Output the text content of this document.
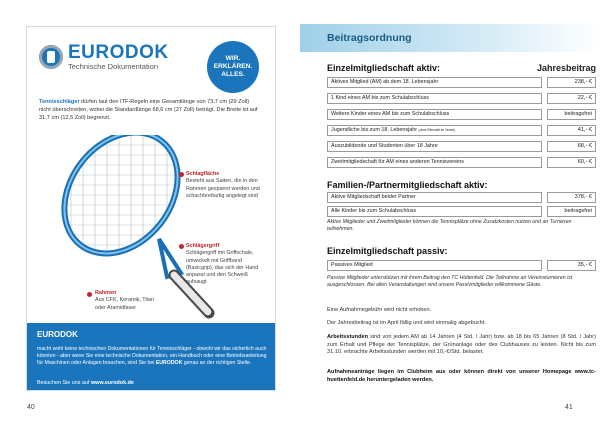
EURODOK
Technische Dokumentation
WIR.
ERKLÄREN.
ALLES.

Tennisschläger dürfen laut den ITF-Regeln eine Gesamtlänge von 73,7 cm (29 Zoll) nicht überschreiten, wobei die Standardlänge 68,6 cm (27 Zoll) beträgt. Die Breite ist auf 31,7 cm (12,5 Zoll) begrenzt.

Schlagfläche
Besteht aus Saiten, die in den Rahmen gespannt werden und schachbrettartig angelegt sind
Schlägergriff
Schlägergriff mit Griffschale, umwickelt mit Griffband (Basicgrip), das sich der Hand anpasst und den Schweiß aufsaugt
Rahmen
Aus CFK, Keramik, Titan oder Aramidfaser
EURODOK

macht wohl keine technischen Dokumentationen für Tennisschläger - obwohl wir das sicherlich auch könnten - aber wenn Sie eine technische Dokumentation, ein Handbuch oder eine Betriebsanleitung für Maschinen oder Anlagen brauchen, sind Sie bei EURODOK genau an der richtigen Stelle.

Besuchen Sie uns auf www.eurodok.de

40
Beitragsordnung
Einzelmitgliedschaft aktiv:	Jahresbeitrag
Aktives Mitglied (AM) ab dem 18. Lebensjahr	238,- €
1 Kind eines AM bis zum Schulabschluss	22,- €
Weitere Kinder eines AM bis zum Schulabschluss	beitragsfrei
Jugendliche bis zum 18. Lebensjahr (ohne Elternteil im Verein)	41,- €
Auszubildende und Studenten über 18 Jahre	68,- €
Zweitmitgliedschaft für AM eines anderen Tennisvereins	60,- €
Familien-/Partnermitgliedschaft aktiv:
Aktive Mitgliedschaft beider Partner	378,- €
Alle Kinder bis zum Schulabschluss	beitragsfrei

Aktive Mitglieder und Zweitmitglieder können die Tennisplätze ohne Zusatzkosten nutzen und an Turnieren teilnehmen.

Einzelmitgliedschaft passiv:
Passives Mitglied	35,- €

Passive Mitglieder unterstützen mit ihrem Beitrag den TC Hüttenfeld. Die Teilnahme an Vereinsturnieren ist ausgeschlossen. Bei allen Veranstaltungen sind unsere Passivmitglieder willkommene Gäste.

Eine Aufnahmegebühr wird nicht erhoben.

Der Jahresbeitrag ist im April fällig und wird einmalig abgebucht.

Arbeitsstunden sind von jedem AM ab 14 Jahren (4 Std. / Jahr) bzw. ab 18 bis 65 Jahren (8 Std. / Jahr) zum Erhalt und Pflege der Tennisplätze, der Grünanlage oder des Clubhauses zu leisten. Nicht bis zum 31.10. erbrachte Arbeitsstunden werden mit 10,-€/Std. belastet.

Aufnahmeanträge liegen im Clubheim aus oder können direkt von unserer Homepage www.tc-huettenfeld.de heruntergeladen werden.

41
